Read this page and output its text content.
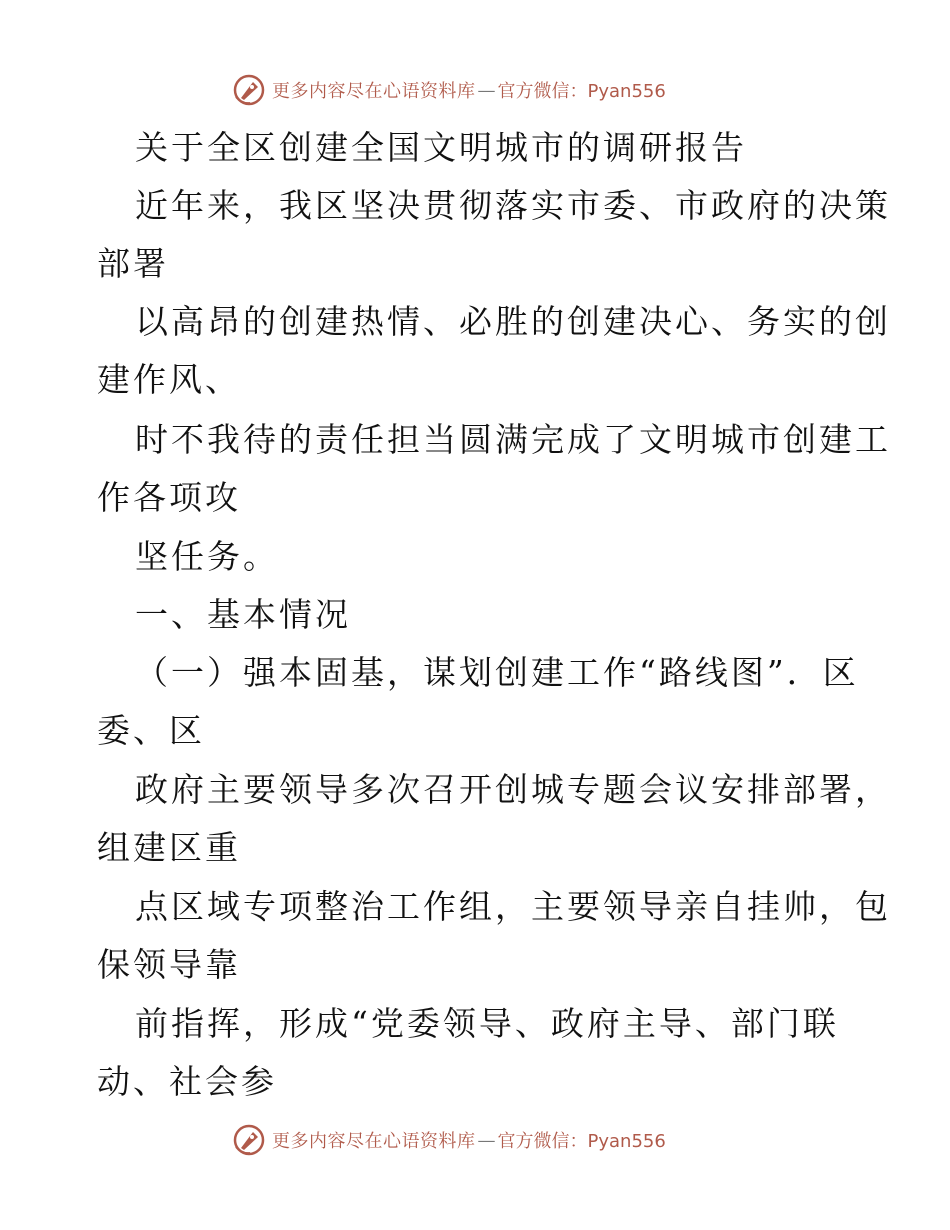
更多内容尽在心语资料库 — 官方微信：Pyan556
关于全区创建全国文明城市的调研报告
近年来，我区坚决贯彻落实市委、市政府的决策
部署
以高昂的创建热情、必胜的创建决心、务实的创
建作风、
时不我待的责任担当圆满完成了文明城市创建工
作各项攻
坚任务。
一、基本情况
（一）强本固基，谋划创建工作“路线图”．区
委、区
政府主要领导多次召开创城专题会议安排部署，
组建区重
点区域专项整治工作组，主要领导亲自挂帅，包
保领导靠
前指挥，形成“党委领导、政府主导、部门联
动、社会参
更多内容尽在心语资料库 — 官方微信：Pyan556
